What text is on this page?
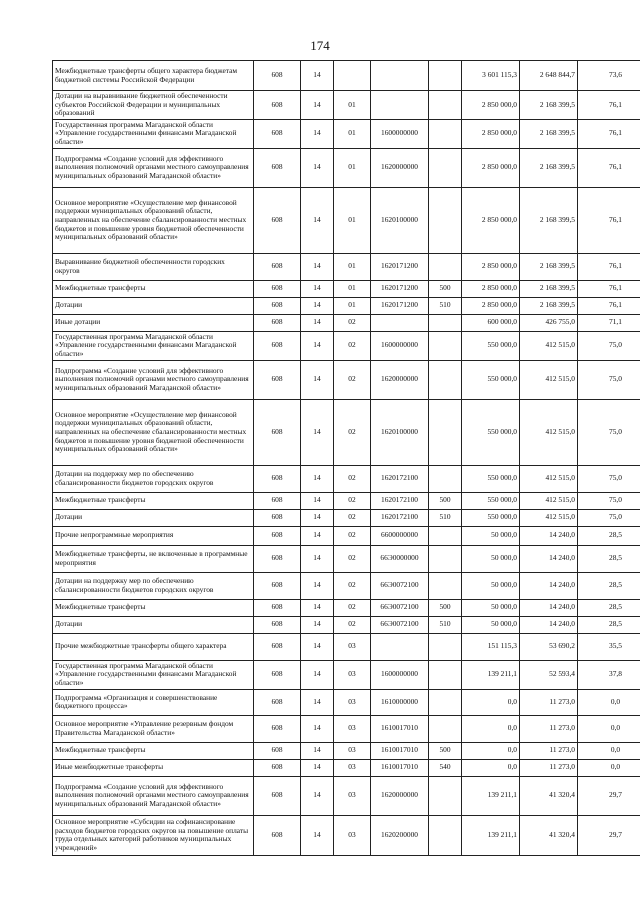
174
Межбюджетные трансферты общего характера бюджетам бюджетной системы Российской Федерации	608	14				3 601 115,3	2 648 844,7	73,6
Дотации на выравнивание бюджетной обеспеченности субъектов Российской Федерации и муниципальных образований	608	14	01			2 850 000,0	2 168 399,5	76,1
Государственная программа Магаданской области «Управление государственными финансами Магаданской области»	608	14	01	1600000000		2 850 000,0	2 168 399,5	76,1
Подпрограмма «Создание условий для эффективного выполнения полномочий органами местного самоуправления муниципальных образований Магаданской области»	608	14	01	1620000000		2 850 000,0	2 168 399,5	76,1
Основное мероприятие «Осуществление мер финансовой поддержки муниципальных образований области, направленных на обеспечение сбалансированности местных бюджетов и повышение уровня бюджетной обеспеченности муниципальных образований области»	608	14	01	1620100000		2 850 000,0	2 168 399,5	76,1
Выравнивание бюджетной обеспеченности городских округов	608	14	01	1620171200		2 850 000,0	2 168 399,5	76,1
Межбюджетные трансферты	608	14	01	1620171200	500	2 850 000,0	2 168 399,5	76,1
Дотации	608	14	01	1620171200	510	2 850 000,0	2 168 399,5	76,1
Иные дотации	608	14	02			600 000,0	426 755,0	71,1
Государственная программа Магаданской области «Управление государственными финансами Магаданской области»	608	14	02	1600000000		550 000,0	412 515,0	75,0
Подпрограмма «Создание условий для эффективного выполнения полномочий органами местного самоуправления муниципальных образований Магаданской области»	608	14	02	1620000000		550 000,0	412 515,0	75,0
Основное мероприятие «Осуществление мер финансовой поддержки муниципальных образований области, направленных на обеспечение сбалансированности местных бюджетов и повышение уровня бюджетной обеспеченности муниципальных образований области»	608	14	02	1620100000		550 000,0	412 515,0	75,0
Дотации на поддержку мер по обеспечению сбалансированности бюджетов городских округов	608	14	02	1620172100		550 000,0	412 515,0	75,0
Межбюджетные трансферты	608	14	02	1620172100	500	550 000,0	412 515,0	75,0
Дотации	608	14	02	1620172100	510	550 000,0	412 515,0	75,0
Прочие непрограммные мероприятия	608	14	02	6600000000		50 000,0	14 240,0	28,5
Межбюджетные трансферты, не включенные в программные мероприятия	608	14	02	66Э0000000		50 000,0	14 240,0	28,5
Дотации на поддержку мер по обеспечению сбалансированности бюджетов городских округов	608	14	02	66Э0072100		50 000,0	14 240,0	28,5
Межбюджетные трансферты	608	14	02	66Э0072100	500	50 000,0	14 240,0	28,5
Дотации	608	14	02	66Э0072100	510	50 000,0	14 240,0	28,5
Прочие межбюджетные трансферты общего характера	608	14	03			151 115,3	53 690,2	35,5
Государственная программа Магаданской области «Управление государственными финансами Магаданской области»	608	14	03	1600000000		139 211,1	52 593,4	37,8
Подпрограмма «Организация и совершенствование бюджетного процесса»	608	14	03	1610000000		0,0	11 273,0	0,0
Основное мероприятие «Управление резервным фондом Правительства Магаданской области»	608	14	03	1610017010		0,0	11 273,0	0,0
Межбюджетные трансферты	608	14	03	1610017010	500	0,0	11 273,0	0,0
Иные межбюджетные трансферты	608	14	03	1610017010	540	0,0	11 273,0	0,0
Подпрограмма «Создание условий для эффективного выполнения полномочий органами местного самоуправления муниципальных образований Магаданской области»	608	14	03	1620000000		139 211,1	41 320,4	29,7
Основное мероприятие «Субсидии на софинансирование расходов бюджетов городских округов на повышение оплаты труда отдельных категорий работников муниципальных учреждений»	608	14	03	1620200000		139 211,1	41 320,4	29,7
